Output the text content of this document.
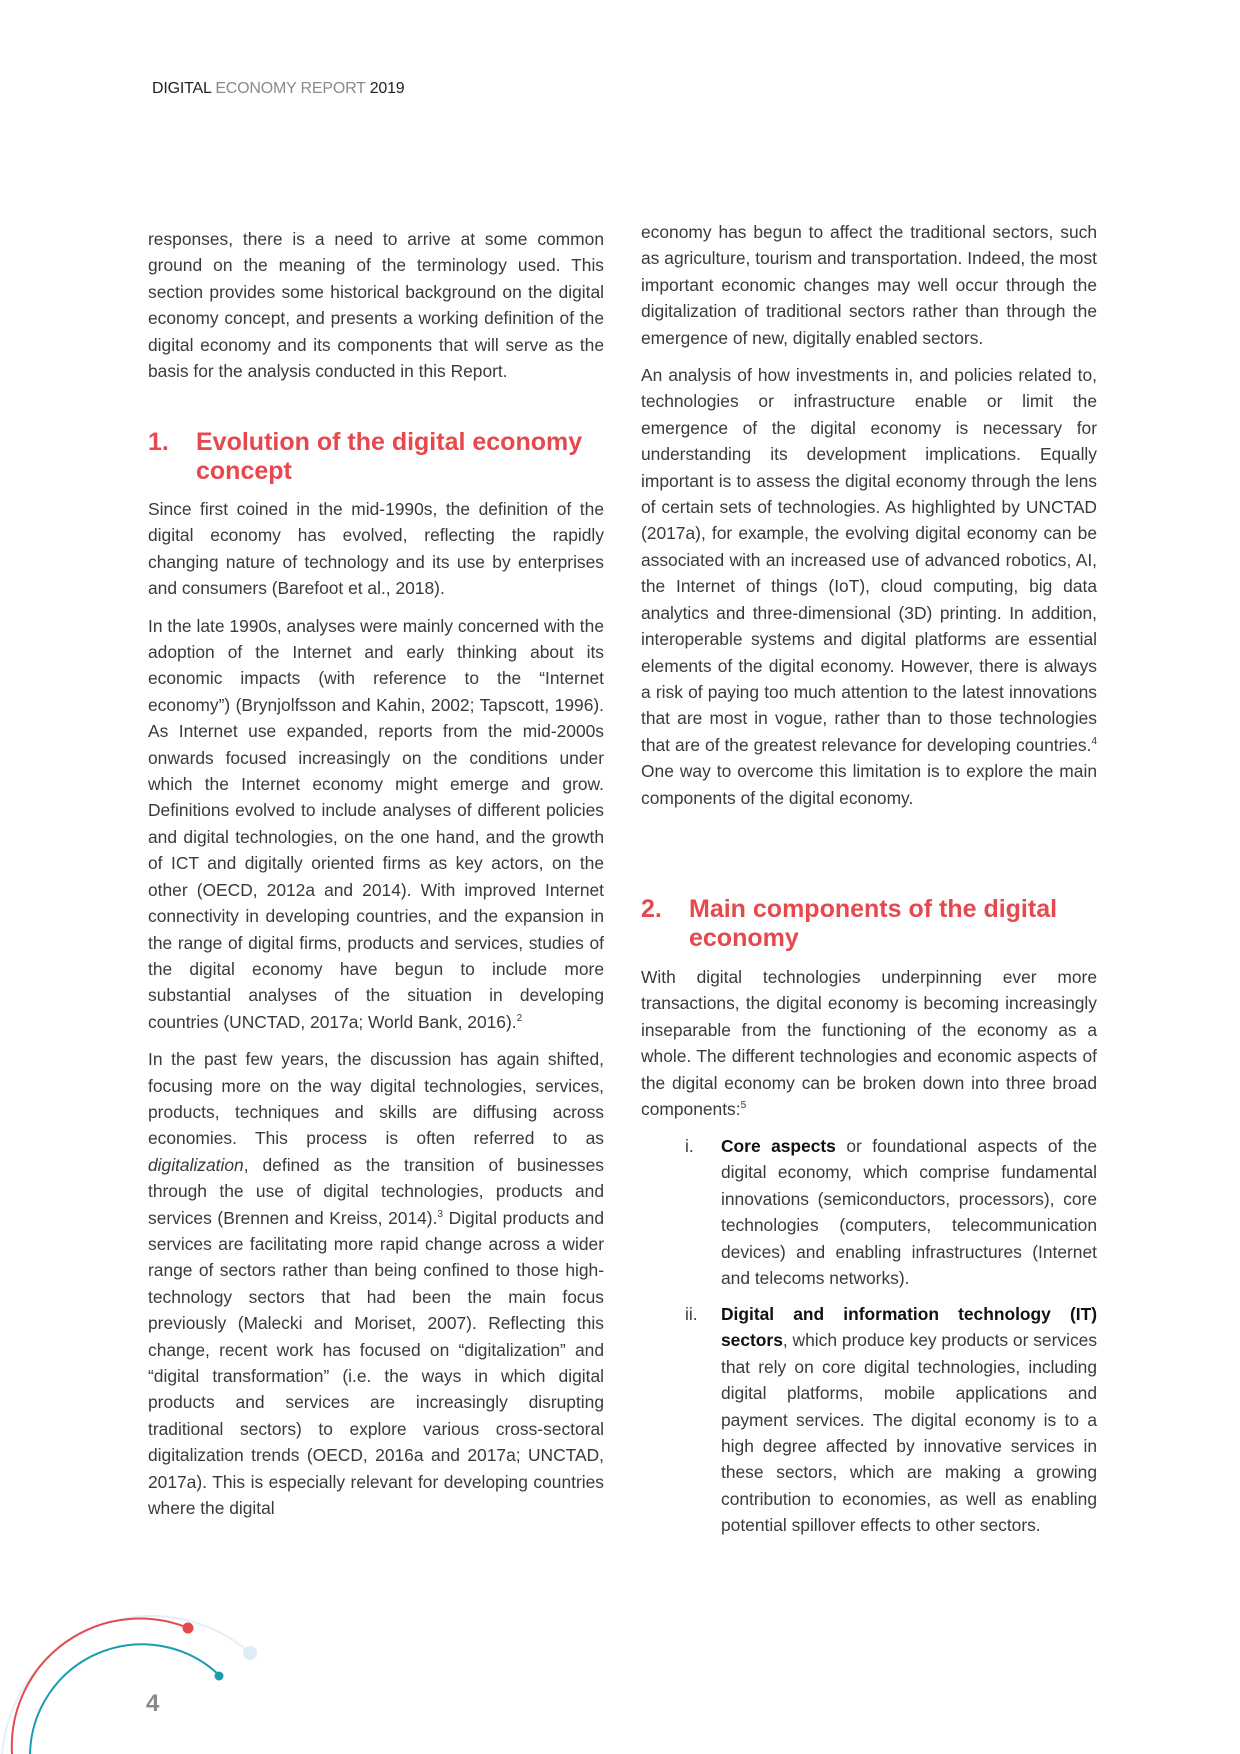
DIGITAL ECONOMY REPORT 2019

responses, there is a need to arrive at some common ground on the meaning of the terminology used. This section provides some historical background on the digital economy concept, and presents a working definition of the digital economy and its components that will serve as the basis for the analysis conducted in this Report.

1. Evolution of the digital economy concept

Since first coined in the mid-1990s, the definition of the digital economy has evolved, reflecting the rapidly changing nature of technology and its use by enterprises and consumers (Barefoot et al., 2018).

In the late 1990s, analyses were mainly concerned with the adoption of the Internet and early thinking about its economic impacts (with reference to the “Internet economy”) (Brynjolfsson and Kahin, 2002; Tapscott, 1996). As Internet use expanded, reports from the mid-2000s onwards focused increasingly on the conditions under which the Internet economy might emerge and grow. Definitions evolved to include analyses of different policies and digital technologies, on the one hand, and the growth of ICT and digitally oriented firms as key actors, on the other (OECD, 2012a and 2014). With improved Internet connectivity in developing countries, and the expansion in the range of digital firms, products and services, studies of the digital economy have begun to include more substantial analyses of the situation in developing countries (UNCTAD, 2017a; World Bank, 2016).$^2$

In the past few years, the discussion has again shifted, focusing more on the way digital technologies, services, products, techniques and skills are diffusing across economies. This process is often referred to as digitalization, defined as the transition of businesses through the use of digital technologies, products and services (Brennen and Kreiss, 2014).$^3$ Digital products and services are facilitating more rapid change across a wider range of sectors rather than being confined to those high-technology sectors that had been the main focus previously (Malecki and Moriset, 2007). Reflecting this change, recent work has focused on “digitalization” and “digital transformation” (i.e. the ways in which digital products and services are increasingly disrupting traditional sectors) to explore various cross-sectoral digitalization trends (OECD, 2016a and 2017a; UNCTAD, 2017a). This is especially relevant for developing countries where the digital

economy has begun to affect the traditional sectors, such as agriculture, tourism and transportation. Indeed, the most important economic changes may well occur through the digitalization of traditional sectors rather than through the emergence of new, digitally enabled sectors.

An analysis of how investments in, and policies related to, technologies or infrastructure enable or limit the emergence of the digital economy is necessary for understanding its development implications. Equally important is to assess the digital economy through the lens of certain sets of technologies. As highlighted by UNCTAD (2017a), for example, the evolving digital economy can be associated with an increased use of advanced robotics, AI, the Internet of things (IoT), cloud computing, big data analytics and three-dimensional (3D) printing. In addition, interoperable systems and digital platforms are essential elements of the digital economy. However, there is always a risk of paying too much attention to the latest innovations that are most in vogue, rather than to those technologies that are of the greatest relevance for developing countries.$^4$ One way to overcome this limitation is to explore the main components of the digital economy.

2. Main components of the digital economy

With digital technologies underpinning ever more transactions, the digital economy is becoming increasingly inseparable from the functioning of the economy as a whole. The different technologies and economic aspects of the digital economy can be broken down into three broad components:$^5$

i. Core aspects or foundational aspects of the digital economy, which comprise fundamental innovations (semiconductors, processors), core technologies (computers, telecommunication devices) and enabling infrastructures (Internet and telecoms networks).
ii. Digital and information technology (IT) sectors, which produce key products or services that rely on core digital technologies, including digital platforms, mobile applications and payment services. The digital economy is to a high degree affected by innovative services in these sectors, which are making a growing contribution to economies, as well as enabling potential spillover effects to other sectors.
4
